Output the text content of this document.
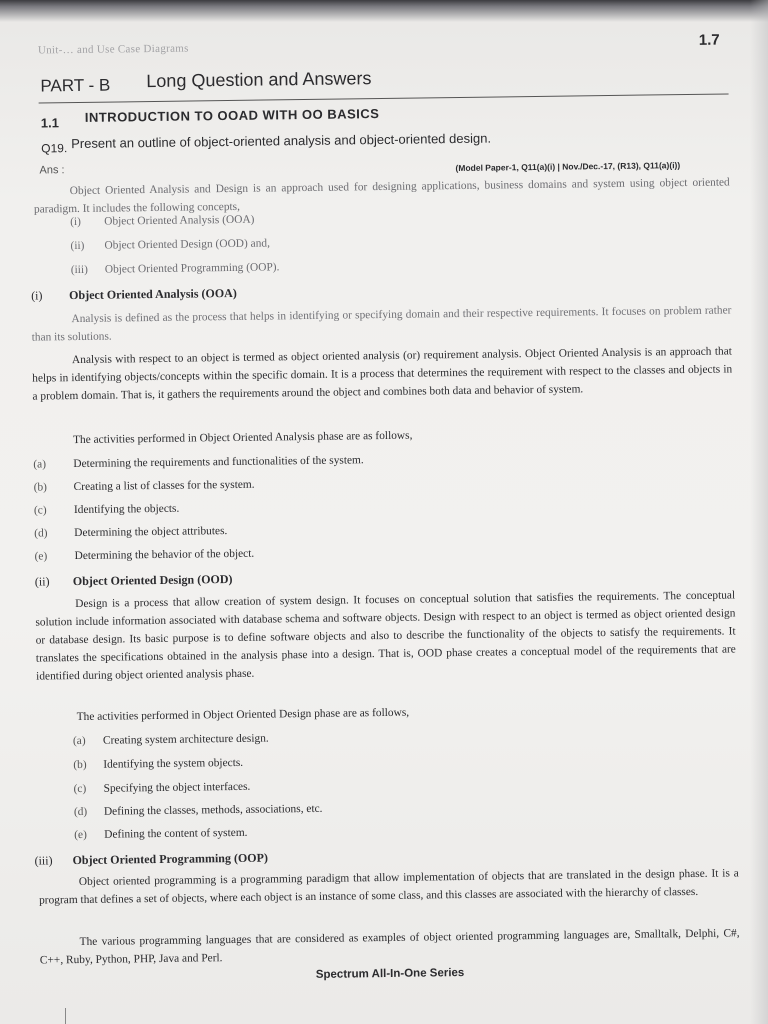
Unit-… and Use Case Diagrams
1.7
PART - B Long Question and Answers
1.1 INTRODUCTION TO OOAD WITH OO BASICS
Q19. Present an outline of object-oriented analysis and object-oriented design.
Ans :	(Model Paper-1, Q11(a)(i) | Nov./Dec.-17, (R13), Q11(a)(i))
Object Oriented Analysis and Design is an approach used for designing applications, business domains and system using object oriented paradigm. It includes the following concepts,
(i) Object Oriented Analysis (OOA)
(ii) Object Oriented Design (OOD) and,
(iii) Object Oriented Programming (OOP).
(i) Object Oriented Analysis (OOA)
Analysis is defined as the process that helps in identifying or specifying domain and their respective requirements. It focuses on problem rather than its solutions.
Analysis with respect to an object is termed as object oriented analysis (or) requirement analysis. Object Oriented Analysis is an approach that helps in identifying objects/concepts within the specific domain. It is a process that determines the requirement with respect to the classes and objects in a problem domain. That is, it gathers the requirements around the object and combines both data and behavior of system.
The activities performed in Object Oriented Analysis phase are as follows,
(a) Determining the requirements and functionalities of the system.
(b) Creating a list of classes for the system.
(c) Identifying the objects.
(d) Determining the object attributes.
(e) Determining the behavior of the object.
(ii) Object Oriented Design (OOD)
Design is a process that allow creation of system design. It focuses on conceptual solution that satisfies the requirements. The conceptual solution include information associated with database schema and software objects. Design with respect to an object is termed as object oriented design or database design. Its basic purpose is to define software objects and also to describe the functionality of the objects to satisfy the requirements. It translates the specifications obtained in the analysis phase into a design. That is, OOD phase creates a conceptual model of the requirements that are identified during object oriented analysis phase.
The activities performed in Object Oriented Design phase are as follows,
(a) Creating system architecture design.
(b) Identifying the system objects.
(c) Specifying the object interfaces.
(d) Defining the classes, methods, associations, etc.
(e) Defining the content of system.
(iii) Object Oriented Programming (OOP)
Object oriented programming is a programming paradigm that allow implementation of objects that are translated in the design phase. It is a program that defines a set of objects, where each object is an instance of some class, and this classes are associated with the hierarchy of classes.
The various programming languages that are considered as examples of object oriented programming languages are, Smalltalk, Delphi, C#, C++, Ruby, Python, PHP, Java and Perl.
Spectrum All-In-One Series
